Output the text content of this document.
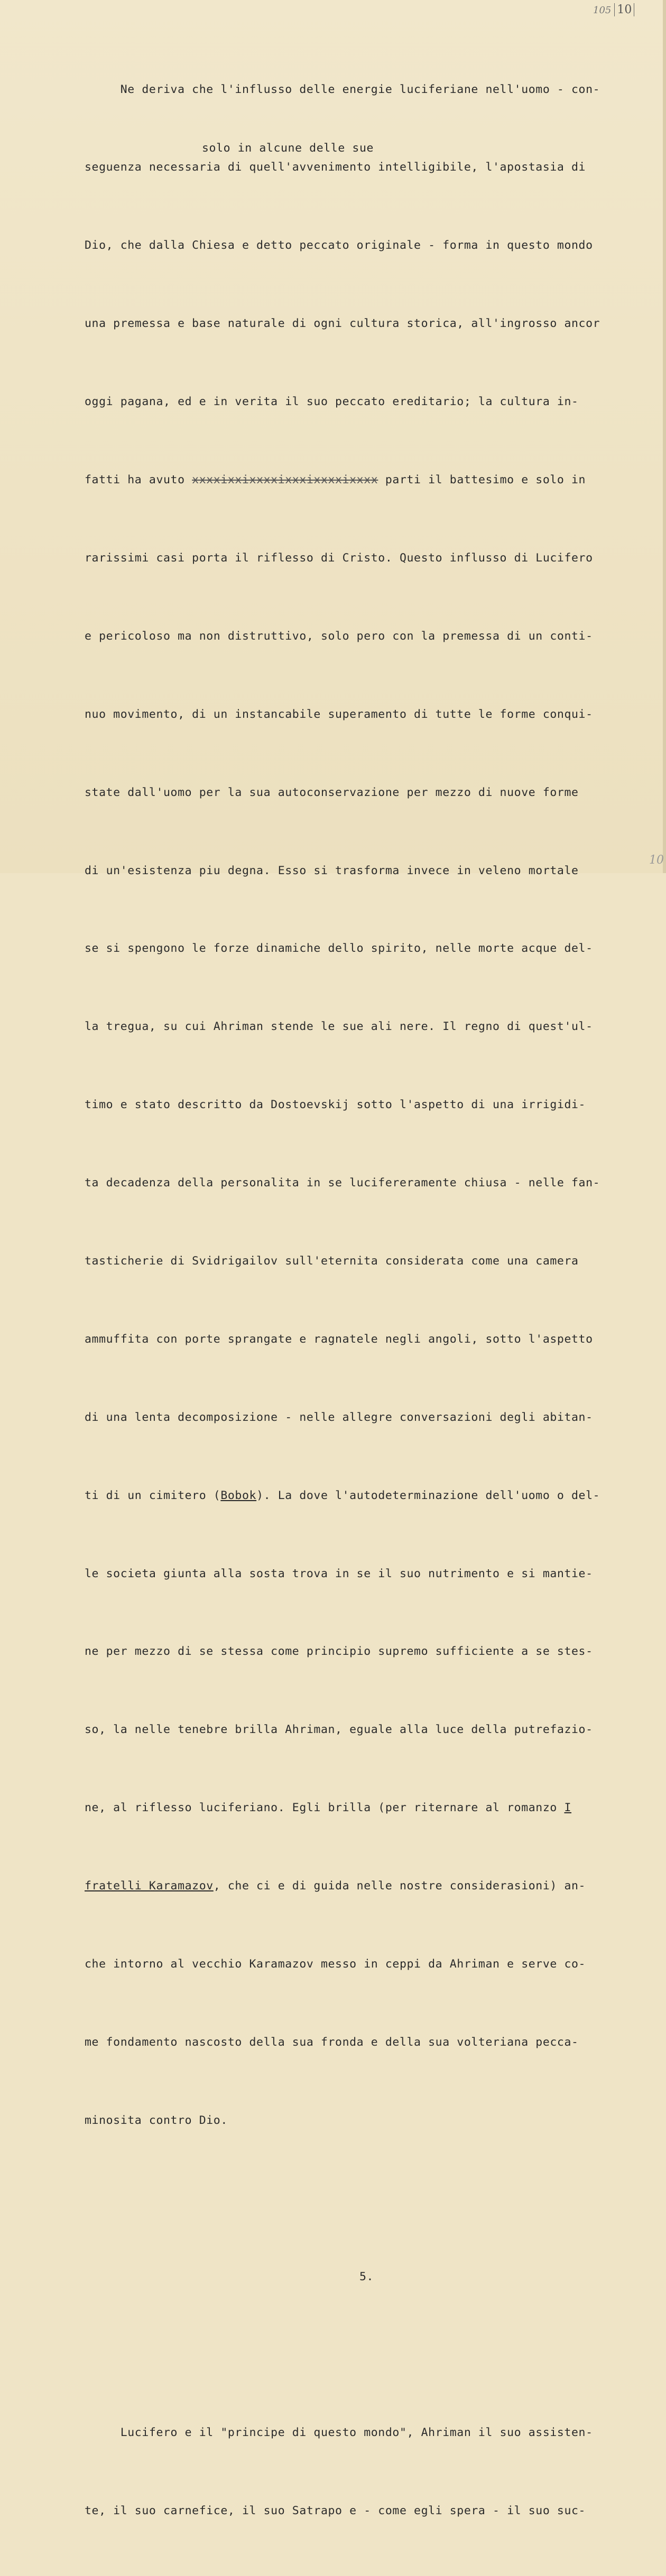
105 10
solo in alcune delle sue

Ne deriva che l'influsso delle energie luciferiane nell'uomo - con-

seguenza necessaria di quell'avvenimento intelligibile, l'apostasia di

Dio, che dalla Chiesa e detto peccato originale - forma in questo mondo

una premessa e base naturale di ogni cultura storica, all'ingrosso ancor

oggi pagana, ed e in verita il suo peccato ereditario; la cultura in-

fatti ha avuto xxxxixxixxxxixxxixxxxixxxx parti il battesimo e solo in

rarissimi casi porta il riflesso di Cristo. Questo influsso di Lucifero

e pericoloso ma non distruttivo, solo pero con la premessa di un conti-

nuo movimento, di un instancabile superamento di tutte le forme conqui-

state dall'uomo per la sua autoconservazione per mezzo di nuove forme

di un'esistenza piu degna. Esso si trasforma invece in veleno mortale

se si spengono le forze dinamiche dello spirito, nelle morte acque del-

la tregua, su cui Ahriman stende le sue ali nere. Il regno di quest'ul-

timo e stato descritto da Dostoevskij sotto l'aspetto di una irrigidi-

ta decadenza della personalita in se lucifereramente chiusa - nelle fan-

tasticherie di Svidrigailov sull'eternita considerata come una camera

ammuffita con porte sprangate e ragnatele negli angoli, sotto l'aspetto

di una lenta decomposizione - nelle allegre conversazioni degli abitan-

ti di un cimitero (Bobok). La dove l'autodeterminazione dell'uomo o del-

le societa giunta alla sosta trova in se il suo nutrimento e si mantie-

ne per mezzo di se stessa come principio supremo sufficiente a se stes-

so, la nelle tenebre brilla Ahriman, eguale alla luce della putrefazio-

ne, al riflesso luciferiano. Egli brilla (per riternare al romanzo I

fratelli Karamazov, che ci e di guida nelle nostre considerasioni) an-

che intorno al vecchio Karamazov messo in ceppi da Ahriman e serve co-

me fondamento nascosto della sua fronda e della sua volteriana pecca-

minosita contro Dio.

5.

Lucifero e il "principe di questo mondo", Ahriman il suo assisten-

te, il suo carnefice, il suo Satrapo e - come egli spera - il suo suc-

10
